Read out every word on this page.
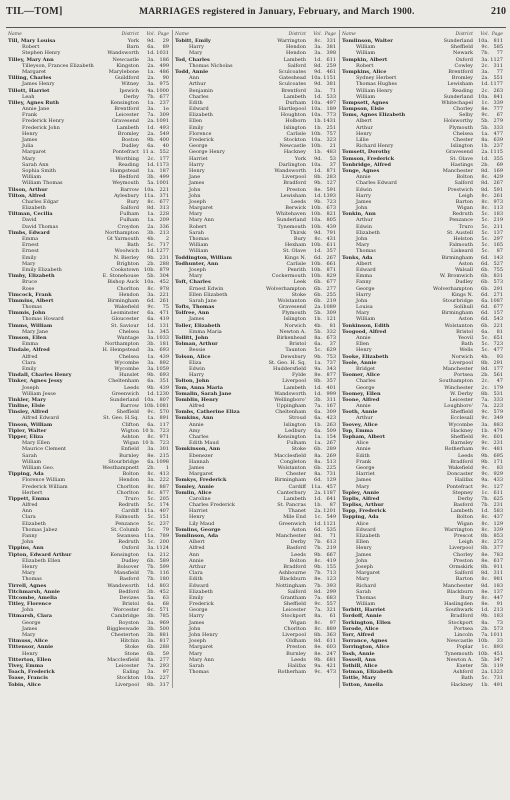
TIL—TOM]	MARRIAGES registered in January, February, and March 1900.	210
Name	District	Vol. Page
Till, Mary Louisa	York	9d.	29
Robert	Barn	6a.	89
Stephen Henry	Wandsworth	1d. 1031
Tilley, Mary Ann	Newcastle	3a. 186
Tilleyson, Frances Elizabeth	Kingston	2a. 499
Margaret	Marylebone	1a. 486
Tilling, Charles	Guildford	2a.	90
James Henry	Witney	3a. 975
Tillott, Harriet	Ipswich	4a. 1000
Leah	Derby	7b. 677
Tilley, Agnes Ruth	Kensington	1a. 237
Annie Jane	Brentford	3a.	1e
Frank	Leicester	7a. 309
Frederick Henry	Gravesend	2a. 1091
Frederick John	Lambeth	1d. 493
Henry	Bromley	2a. 549
James	Boston	9b. 400
Julia	Dudley	6a.	40
Margaret	Pontefract 11 a. 552
Mary	Worthing	2c. 177
Sarah Ann	Reading	1d. 1173
Sophia Smith	Hampstead	1a. 187
William	Bedford	3b. 499
William Thomas	Weymouth	5a. 1001
Tilson, Arthur	Barrow	10a. 221
Tilton, Alfred	Aylesbury	11a. 371
Charles Edgar	Bury	8c. 677
Elizabeth	Salford	8d. 313
Tiltman, Cecilia	Fulham	1a. 228
David	Fulham	1a. 209
David Thomas	Croydon	2a. 336
Timbs, Edward	Northampton	3b. 213
Emma	Gt Yarmouth	4b.	2
Ernest	Bath	5c. 717
Ernest	Woolwich	1d. 1277
Emily	N. Bierley	9b. 231
Mary	Brighton	2b. 288
Emily Elizabeth	Cookstown 10b. 879
Timby, Elizabeth	E. Stonehouse	5b. 304
Bruce	Bishop Auck	10a. 452
Rose	Chorlton	8c. 978
Timcock, Frank	Hendon	3a. 221
Timmins, Albert	Birmingham	6d. 261
Thomas	Wakefield	9c.	75
Timmis, John	Leominster	6a. 471
Thomas Howard	Gloucester	6a. 419
Timms, William	St. Saviour	1d. 131
Mary Jane	Chelsea	1a. 345
Timson, Ellen	Wantage	3a. 1033
Emma	Northampton	3b. 181
Tindale, Alfred	H. Hempstead	3a. 693
Alfred	Chelsea	1a. 439
Clara	Wycombe	3a. 892
Emily	Wycombe	3a. 1059
Tindall, Charles Henry	Hunslet	9b. 693
Tinker, Agnes Jessy	Cheltenham	6a. 351
Joseph	Leeds	9b. 439
William Jesse	Greenwich	1d. 1230
Tinkler, Mary	Sunderland	10a. 807
Tinline, Elsie	Barrow 10b. 1081
Tinsley, Alfred	Sheffield	9c. 570
Alfred Edward	St. Geo. H.Sq.	1a. 891
Tinson, William	Clifton	6a. 117
Tipler, Walter	Wigton 10 b. 723
Tipper, Eliza	Ashton	8c. 971
Mary Ellen	Wigan 10 b. 723
Maurice Clement	Enfield	3a. 301
Sarah	Burnley	8e. 215
William	Stourbridge	6a. 1098
William Geo.	Westhampnett	2b.	1
Tipping, Ada	Bolton	8c. 413
Florence William	Hendon	3a. 222
Frederick William	Chorlton	8c. 887
Herbert	Chorlton	8c. 877
Tippett, Emma	Truro	5c. 205
Alfred	Redruth	5c. 174
Ann	Cardiff	11a. 407
Clara	Falmouth	5c. 151
Elizabeth	Penzance	5c. 237
Thomas Jabez	St. Columb	5c.	79
Fanny	Swansea	11a. 789
John	Redruth	5c. 200
Tippins, Ann	Oxford	3a. 1124
Tipton, Edward Arthur	Kensington	1a. 212
Elizabeth Ellen	Dudley	6b. 589
Henry	Bolsover	7b. 599
Mary	Mansfield	7b. 116
Thomas	Basford	7b. 180
Tirrell, Agnes	Wandsworth	1d. 803
Titchmarsh, Annie	Bedford	3b. 452
Titcombe, Amelia	Devizes	5a.	63
Titley, Florence	Bristol	6a.	68
John	Worcester	6c. 571
Titmarsh, Clara	Cambridge	3b. 785
George	Royston	3a. 969
James	Biggleswade	3b. 500
Mary	Chesterton	3b. 881
Titmuss, Alice	Hitchin	3a. 817
Tittensor, Annie	Stoke	6b. 288
Henry	Stone	6b.	59
Titterton, Ellen	Macclesfield	8a. 277
Tivey, Emma	Leicester	7a. 293
Toach, Frederick	Ealing	3a.	97
Toase, Francis	Stockton	10a. 227
Tobin, Alice	Liverpool	8b. 317
Name	District	Vol. Page
Tobitt, Emily	Warrington	8c. 331
Harry	Hendon	3a. 381
Mary	Hendon	3a. 398
Tod, Charles	Lambeth	1d. 611
Thomas Nicholas	Salford	8d. 259
Todd, Annie	Sculcoates	9d. 461
Ann	Gateshead	10a. 1151
Arthur	Sculcoates	9d. 381
Benjamin	Brentford	3a.	71
Charles	Lambeth	1d. 533
Edith	Durham	10a. 497
Edward	Hartlepool	10a. 189
Elizabeth	Houghton	10a. 773
Ellen	Holborn	1b. 1431
Emily	Islington	1b. 251
Florence	Carlisle 10b. 757
Frederick	Stockton	10a. 323
George	Newcastle 10b.	21
George Henry	Hackney	1b. 483
Harriet	York	9d.	53
Harry	Darlington	10a.	37
Henry	Wandsworth	1d. 871
Jane	Liverpool	8b. 283
James	Bradford	9b. 127
John	Preston	8e. 591
John	Lewisham	1d. 1393
Joseph	Leeds	9b. 723
Margaret	Berwick 10b. 673
Mary	Whitehaven 10b. 821
Mary Ann	Sunderland	10a. 805
Robert	Tynemouth 10b. 439
Sarah	Thirsk	9d. 791
Thomas	Bury	8c. 431
William	Hexham 10b. 611
William	St. Olave	1d. 357
Toddington, William	Kings N.	6d. 267
Todhunter, Ann	Carlisle 10b. 661
Joseph	Penrith 10b. 871
Mary	Cockermouth 10b. 829
Toft, Charles	Leek	6b. 677
Ernest Edwin	Wolverhampton	6b. 277
Ellen Elizabeth	Stoke	6b. 255
Sarah Jane	Wolstanton	6b. 219
Tofts, Thomas	Gravesend	2a. 1089
Tolfree, Ann	Plymouth	5b. 309
James	Islington	1b. 121
Toller, Elizabeth	Norwich	4b.	81
Emma Maria	Newton A.	5b. 332
Tollitt, John	Birkenhead	8a. 673
Tolman, Arthur	Bristol	6a.	37
Bessie	Taunton	5c. 629
Tolson, Alice	Dewsbury	9b. 753
Eliza	St. Geo. H. Sq.	1a. 737
Edwin	Huddersfield	9a. 343
Harry	Fylde	8e. 877
Tolton, John	Liverpool	8b. 357
Tom, Anna Maria	Lambeth	1d. 401
Tomalin, Sarah Jane	Wandsworth	1d. 999
Tomblin, Henry	Wellingboro'	3b. 311
Alfred	Uppingham	7a. 167
Tombs, Catherine Eliza	Cheltenham	6a. 309
Tomkins, Ann	Stroud	6a. 423
Annie	Islington	1b. 263
Amy	Ledbury	6a. 509
Charles	Kensington	1a. 154
Edith Maud	Fulham	1a. 267
Tomkinson, Ann	Stoke	6b. 289
Ebenezer	Macclesfield	8a. 269
Hannah	Congleton	8a. 513
James	Wolstanton	6b. 225
Margaret	Chester	8a. 731
Tomkys, Frederick	Birmingham	6d. 129
Tomley, Annie	Cardiff	11a. 457
Tomlin, Alice	Canterbury	2a. 1187
Caroline	Lambeth	1d. 641
Charles Frederick	St. Pancras	1b.	87
Harriet	Thanet	2a. 1201
Henry	Mile End	1c. 549
Lily Maud	Greenwich	1d. 1121
Tomlins, George	Aston	6d. 535
Tomlinson, Ada	Manchester	8d.	71
Albert	Derby	7b. 613
Alfred	Basford	7b. 219
Ann	Leeds	9b. 667
Annie	Bolton	8c. 419
Arthur	Bradford	9b. 155
Clara	Ashbourne	7b. 713
Edith	Blackburn	8e. 123
Edward	Nottingham	7b. 393
Elizabeth	Salford	8d. 299
Emily	Grantham	7a. 683
Frederick	Sheffield	9c. 557
George	Leicester	7a. 321
Harry	Stockport	8a.	61
James	Wigan	8c.	97
John	Chorlton	8c. 889
John Henry	Liverpool	8b. 363
Joseph	Oldham	8d. 611
Margaret	Preston	8e. 603
Mary	Burnley	8e. 247
Mary Ann	Leeds	9b. 681
Sarah	Halifax	9a. 421
Thomas	Rotherham	9c. 473
Name	District	Vol. Page
Tomlinson, Walter	Sunderland	10a. 811
William	Sheffield	9c. 585
William	Newark	7b.	77
Tompkin, Albert	Oxford	3a. 1127
Robert	Cowley	2c. 311
Tompkins, Alice	Brentford	3a.	77
Sydney Herbert	Bromley	2a. 551
Thomas Hughes	Lewisham	1d. 1177
William Henry	Reading	2c. 263
William	Sunderland	10a. 841
Tompsett, Agnes	Whitechapel	1c. 339
Tompson, Elsie	Chorley	8e. 777
Toms, Agnes Elizabeth	Selby	9c.	67
Albert	Holsworthy	5b. 279
Arthur	Plymouth	5b. 333
Henry	Chelsea	1a. 477
Lillie	Chester	8a. 639
Richard Henry	Islington	1b. 237
Tomsett, Dorothy	Gravesend	2a. 1115
Tomson, Frederick	St. Olave	1d. 355
Tonbridge, Alfred	Hastings	2b.	69
Tonge, Agnes	Manchester	8d. 169
Annie	Bolton	8c. 429
Charles Edward	Salford	8d. 267
Edwin	Prestwich	8d. 591
Harry	Leigh	8c. 261
James	Barton	8c. 973
John	Wigan	8c. 113
Tonkin, Ann	Redruth	5c. 183
Arthur	Penzance	5c. 219
Edwin	Truro	5c. 211
Elizabeth	St. Austell	5c. 137
John	Helston	5c. 297
Mary	Falmouth	5c. 165
Thomas	Liskeard	5c.	87
Tonks, Ada	Birmingham	6d. 143
Albert	Aston	6d. 527
Edward	Walsall	6b. 755
Emma	W. Bromwich	6b. 831
Fanny	Dudley	6b. 573
George	Wolverhampton	6b. 291
Harry	Kings N.	6d. 271
John	Stourbridge	6a. 1087
Louisa	Solihull	6d. 677
Mary	Birmingham	6d. 157
William	Aston	6d. 543
Tonkinson, Edith	Wolstanton	6b. 221
Toogood, Alfred	Bristol	6a.	81
Annie	Yeovil	5c. 651
Ellen	Bath	5c. 723
Henry	Wells	5c. 477
Tooke, Elizabeth	Norwich	4b.	93
Toole, Annie	Liverpool	8b. 291
Bridget	Manchester	8d. 177
Toomer, Alice	Portsea	2b. 561
Charles	Southampton	2c.	47
George	Winchester	2c. 179
Toomey, Ellen	W. Derby	8b. 531
Toone, Alfred	Leicester	7a. 333
Annie	Loughboro'	7a. 223
Tooth, Annie	Sheffield	9c. 579
Arthur	Ecclesall	9c. 349
Toovey, Alice	Wycombe	3a. 883
Top, Emma	Hackney	1b. 479
Topham, Albert	Sheffield	9c. 601
Alice	Barnsley	9c. 231
Annie	Rotherham	9c. 481
Edith	Leeds	9b. 695
Frank	Bradford	9b. 171
George	Wakefield	9c.	83
Harriet	Doncaster	9c. 929
James	Halifax	9a. 433
Mary	Pontefract	9c. 127
Topley, Annie	Stepney	1c. 611
Toplis, Alfred	Derby	7b. 625
Topliss, Arthur	Basford	7b. 231
Topp, Frederick	Lambeth	1d. 583
Topping, Ada	Bolton	8c. 437
Alice	Wigan	8c. 129
Edward	Warrington	8c. 339
Elizabeth	Prescot	8b. 853
Ellen	Leigh	8c. 273
Henry	Liverpool	8b. 377
James	Chorley	8e. 783
John	Preston	8e. 617
Joseph	Ormskirk	8b. 911
Margaret	Salford	8d. 311
Mary	Barton	8c. 981
Richard	Manchester	8d. 183
Sarah	Blackburn	8e. 137
Thomas	Bury	8c. 447
William	Haslingden	8e.	91
Torbitt, Harriet	Southwark	1d. 213
Tordoff, Annie	Bradford	9b. 183
Torkington, Ellen	Stockport	8a.	73
Torode, Alice	Portsea	2b. 573
Torr, Alfred	Lincoln	7a. 1011
Torrance, Agnes	Newcastle 10b.	33
Torrington, Alice	Poplar	1c. 893
Tosh, Annie	Tynemouth 10b. 451
Tossell, Ann	Newton A.	5b. 347
Tothill, Alice	Exeter	5b. 119
Totman, Elizabeth	Ashford	2a. 1323
Tottle, Mary	Bath	5c. 731
Totton, Amelia	Hackney	1b. 491
